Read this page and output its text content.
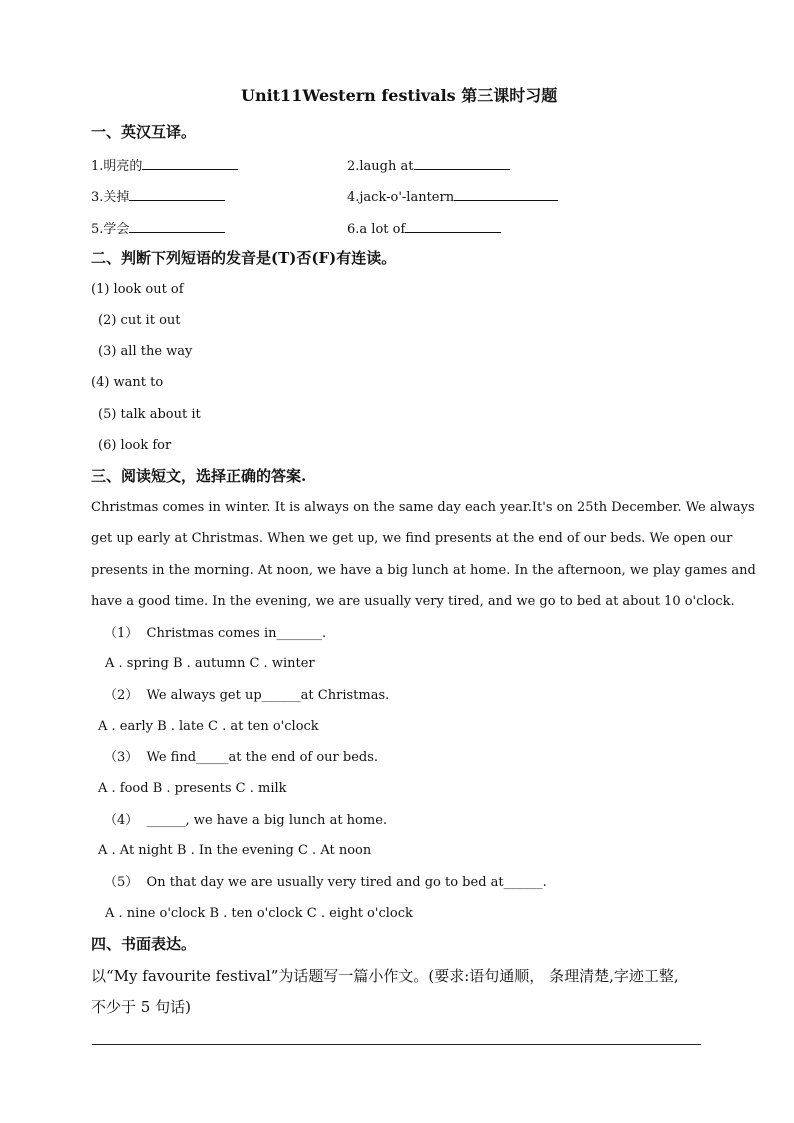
Unit11Western festivals 第三课时习题
一、英汉互译。
1.明亮的	2.laugh at
3.关掉	4.jack-o'-lantern
5.学会	6.a lot of
二、判断下列短语的发音是(T)否(F)有连读。
(1) look out of
(2) cut it out
(3) all the way
(4) want to
(5) talk about it
(6) look for
三、阅读短文，选择正确的答案.
Christmas comes in winter. It is always on the same day each year.It's on 25th December. We always
get up early at Christmas. When we get up, we find presents at the end of our beds. We open our
presents in the morning. At noon, we have a big lunch at home. In the afternoon, we play games and
have a good time. In the evening, we are usually very tired, and we go to bed at about 10 o'clock.
（1） Christmas comes in_______.
A . spring B . autumn C . winter
（2） We always get up______at Christmas.
A . early B . late C . at ten o'clock
（3） We find_____at the end of our beds.
A . food B . presents C . milk
（4） ______, we have a big lunch at home.
A . At night B . In the evening C . At noon
（5） On that day we are usually very tired and go to bed at______.
A . nine o'clock B . ten o'clock C . eight o'clock
四、书面表达。
以“My favourite festival”为话题写一篇小作文。(要求:语句通顺， 条理清楚,字迹工整,
不少于 5 句话)
